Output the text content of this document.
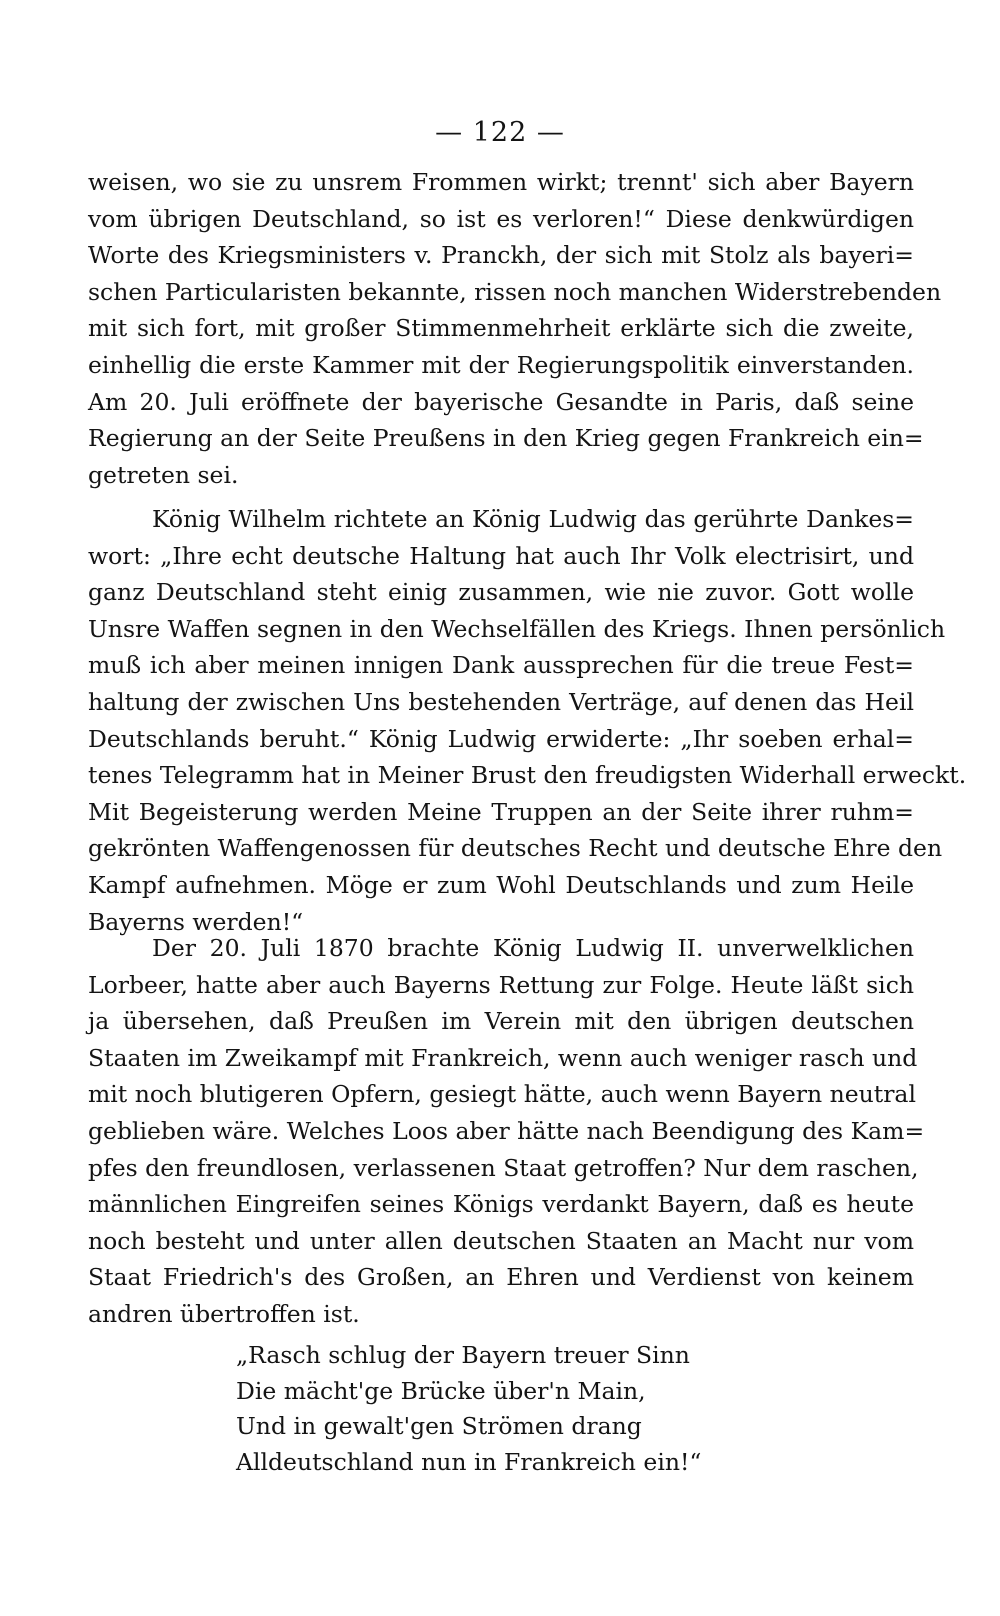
— 122 —
weisen, wo sie zu unsrem Frommen wirkt; trennt' sich aber Bayern
vom übrigen Deutschland, so ist es verloren!“ Diese denkwürdigen
Worte des Kriegsministers v. Pranckh, der sich mit Stolz als bayeri=
schen Particularisten bekannte, rissen noch manchen Widerstrebenden
mit sich fort, mit großer Stimmenmehrheit erklärte sich die zweite,
einhellig die erste Kammer mit der Regierungspolitik einverstanden.
Am 20. Juli eröffnete der bayerische Gesandte in Paris, daß seine
Regierung an der Seite Preußens in den Krieg gegen Frankreich ein=
getreten sei.
König Wilhelm richtete an König Ludwig das gerührte Dankes=
wort: „Ihre echt deutsche Haltung hat auch Ihr Volk electrisirt, und
ganz Deutschland steht einig zusammen, wie nie zuvor. Gott wolle
Unsre Waffen segnen in den Wechselfällen des Kriegs. Ihnen persönlich
muß ich aber meinen innigen Dank aussprechen für die treue Fest=
haltung der zwischen Uns bestehenden Verträge, auf denen das Heil
Deutschlands beruht.“ König Ludwig erwiderte: „Ihr soeben erhal=
tenes Telegramm hat in Meiner Brust den freudigsten Widerhall erweckt.
Mit Begeisterung werden Meine Truppen an der Seite ihrer ruhm=
gekrönten Waffengenossen für deutsches Recht und deutsche Ehre den
Kampf aufnehmen. Möge er zum Wohl Deutschlands und zum Heile
Bayerns werden!“
Der 20. Juli 1870 brachte König Ludwig II. unverwelklichen
Lorbeer, hatte aber auch Bayerns Rettung zur Folge. Heute läßt sich
ja übersehen, daß Preußen im Verein mit den übrigen deutschen
Staaten im Zweikampf mit Frankreich, wenn auch weniger rasch und
mit noch blutigeren Opfern, gesiegt hätte, auch wenn Bayern neutral
geblieben wäre. Welches Loos aber hätte nach Beendigung des Kam=
pfes den freundlosen, verlassenen Staat getroffen? Nur dem raschen,
männlichen Eingreifen seines Königs verdankt Bayern, daß es heute
noch besteht und unter allen deutschen Staaten an Macht nur vom
Staat Friedrich's des Großen, an Ehren und Verdienst von keinem
andren übertroffen ist.
„Rasch schlug der Bayern treuer Sinn
Die mächt'ge Brücke über'n Main,
Und in gewalt'gen Strömen drang
Alldeutschland nun in Frankreich ein!“
